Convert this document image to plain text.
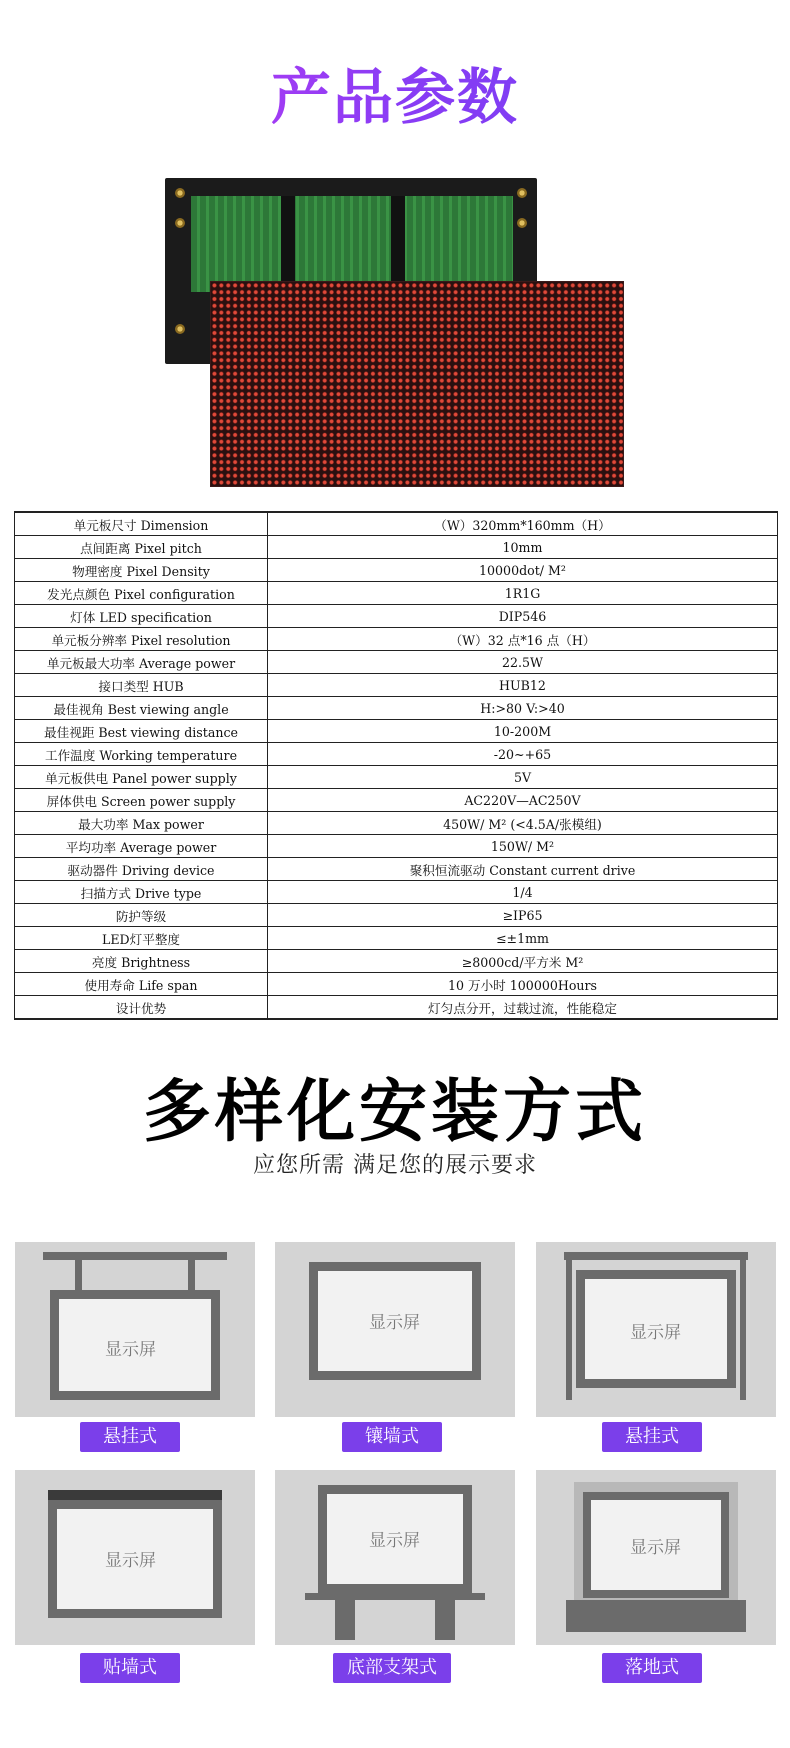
产品参数
单元板尺寸 Dimension	（W）320mm*160mm（H）
点间距离 Pixel pitch	10mm
物理密度 Pixel Density	10000dot/ M²
发光点颜色 Pixel configuration	1R1G
灯体 LED specification	DIP546
单元板分辨率 Pixel resolution	（W）32 点*16 点（H）
单元板最大功率 Average power	22.5W
接口类型 HUB	HUB12
最佳视角 Best viewing angle	H:>80 V:>40
最佳视距 Best viewing distance	10-200M
工作温度 Working temperature	-20~+65
单元板供电 Panel power supply	5V
屏体供电 Screen power supply	AC220V—AC250V
最大功率 Max power	450W/ M² (<4.5A/张模组)
平均功率 Average power	150W/ M²
驱动器件 Driving device	聚积恒流驱动 Constant current drive
扫描方式 Drive type	1/4
防护等级	≥IP65
LED灯平整度	≤±1mm
亮度 Brightness	≥8000cd/平方米 M²
使用寿命 Life span	10 万小时 100000Hours
设计优势	灯匀点分开，过载过流，性能稳定
多样化安装方式
应您所需 满足您的展示要求
显示屏
悬挂式
显示屏
镶墙式
显示屏
悬挂式
显示屏
贴墙式
显示屏
底部支架式
显示屏
落地式
